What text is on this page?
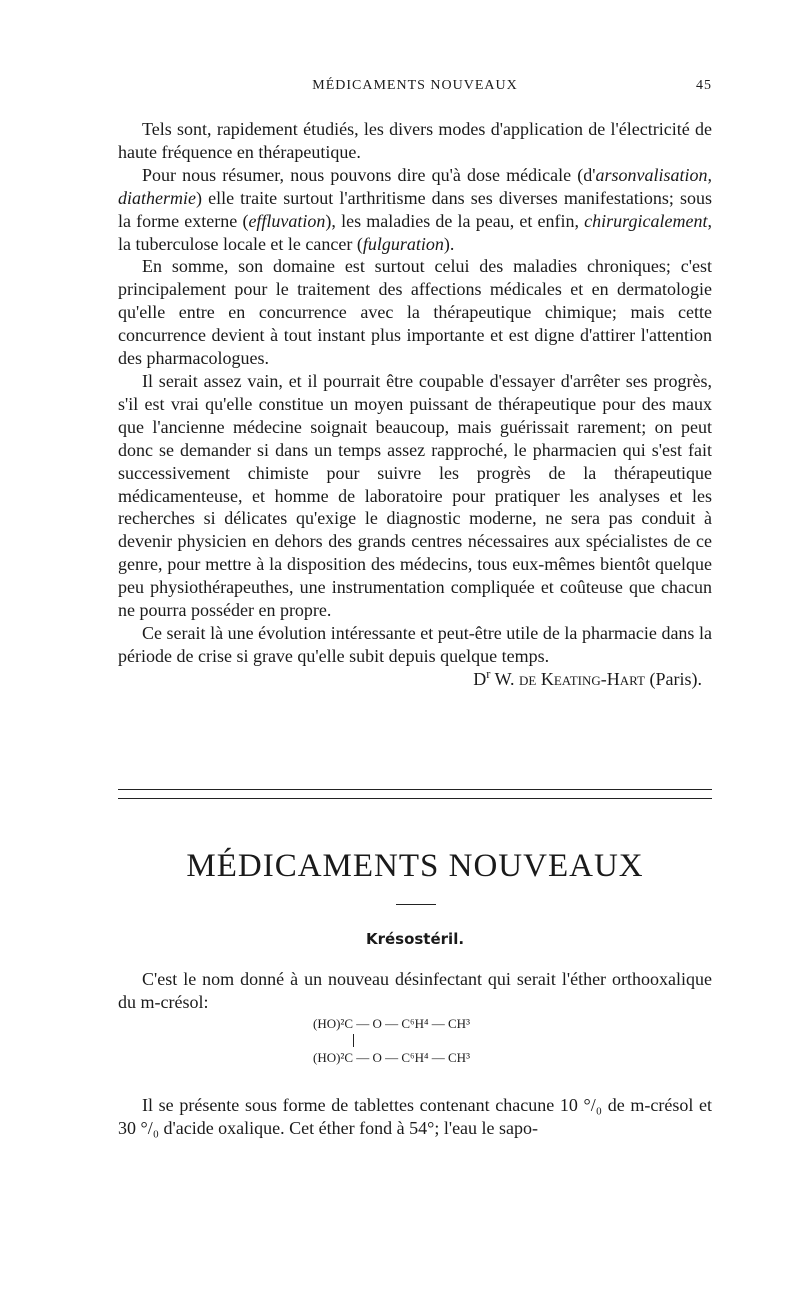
MÉDICAMENTS NOUVEAUX	45

Tels sont, rapidement étudiés, les divers modes d'application de l'électricité de haute fréquence en thérapeutique.

Pour nous résumer, nous pouvons dire qu'à dose médicale (d'arsonvalisation, diathermie) elle traite surtout l'arthritisme dans ses diverses manifestations; sous la forme externe (effluvation), les maladies de la peau, et enfin, chirurgicalement, la tuberculose locale et le cancer (fulguration).

En somme, son domaine est surtout celui des maladies chroniques; c'est principalement pour le traitement des affections médicales et en dermatologie qu'elle entre en concurrence avec la thérapeutique chimique; mais cette concurrence devient à tout instant plus importante et est digne d'attirer l'attention des pharmacologues.

Il serait assez vain, et il pourrait être coupable d'essayer d'arrêter ses progrès, s'il est vrai qu'elle constitue un moyen puissant de thérapeutique pour des maux que l'ancienne médecine soignait beaucoup, mais guérissait rarement; on peut donc se demander si dans un temps assez rapproché, le pharmacien qui s'est fait successivement chimiste pour suivre les progrès de la thérapeutique médicamenteuse, et homme de laboratoire pour pratiquer les analyses et les recherches si délicates qu'exige le diagnostic moderne, ne sera pas conduit à devenir physicien en dehors des grands centres nécessaires aux spécialistes de ce genre, pour mettre à la disposition des médecins, tous eux-mêmes bientôt quelque peu physiothérapeuthes, une instrumentation compliquée et coûteuse que chacun ne pourra posséder en propre.

Ce serait là une évolution intéressante et peut-être utile de la pharmacie dans la période de crise si grave qu'elle subit depuis quelque temps.

$D^r$ W. de Keating-Hart (Paris).

MÉDICAMENTS NOUVEAUX
Krésostéril.

C'est le nom donné à un nouveau désinfectant qui serait l'éther orthooxalique du m-crésol:

(HO)²C — O — C⁶H⁴ — CH³
(HO)²C — O — C⁶H⁴ — CH³

Il se présente sous forme de tablettes contenant chacune 10 °/₀ de m-crésol et 30 °/₀ d'acide oxalique. Cet éther fond à 54°; l'eau le sapo-
